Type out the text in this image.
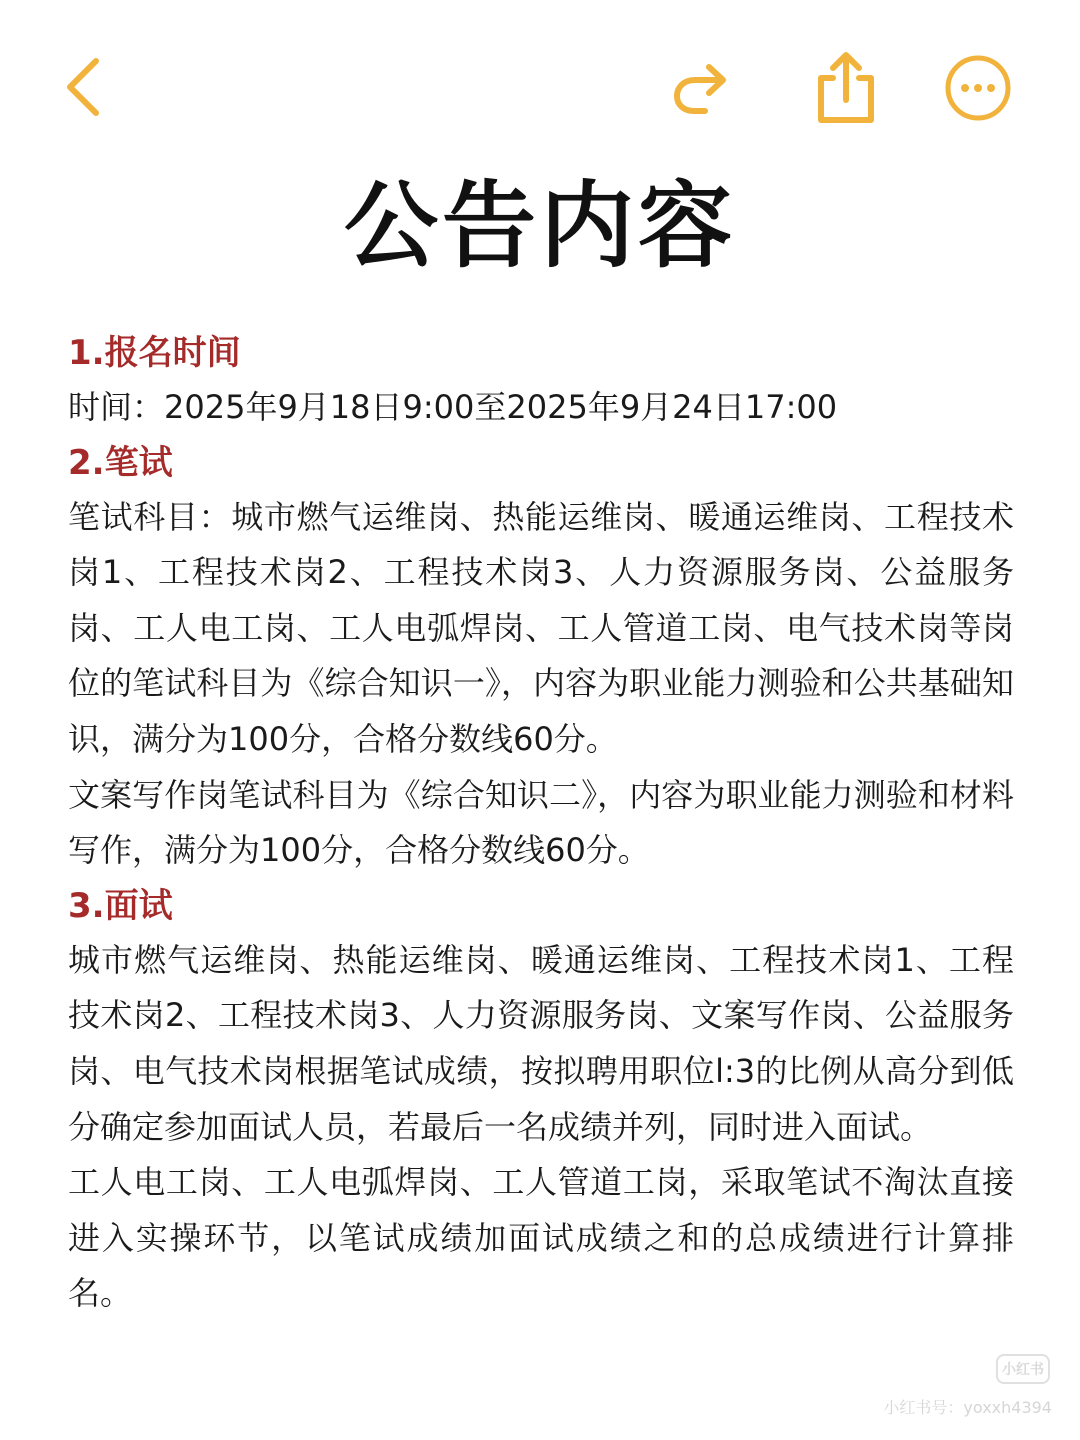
公告内容
1.报名时间

时间：2025年9月18日9:00至2025年9月24日17:00

2.笔试

笔试科目：城市燃气运维岗、热能运维岗、暖通运维岗、工程技术岗1、工程技术岗2、工程技术岗3、人力资源服务岗、公益服务岗、工人电工岗、工人电弧焊岗、工人管道工岗、电气技术岗等岗位的笔试科目为《综合知识一》，内容为职业能力测验和公共基础知识，满分为100分，合格分数线60分。

文案写作岗笔试科目为《综合知识二》，内容为职业能力测验和材料写作，满分为100分，合格分数线60分。

3.面试

城市燃气运维岗、热能运维岗、暖通运维岗、工程技术岗1、工程技术岗2、工程技术岗3、人力资源服务岗、文案写作岗、公益服务岗、电气技术岗根据笔试成绩，按拟聘用职位l:3的比例从高分到低分确定参加面试人员，若最后一名成绩并列，同时进入面试。

工人电工岗、工人电弧焊岗、工人管道工岗，采取笔试不淘汰直接进入实操环节，以笔试成绩加面试成绩之和的总成绩进行计算排名。

小红书
小红书号：yoxxh4394
